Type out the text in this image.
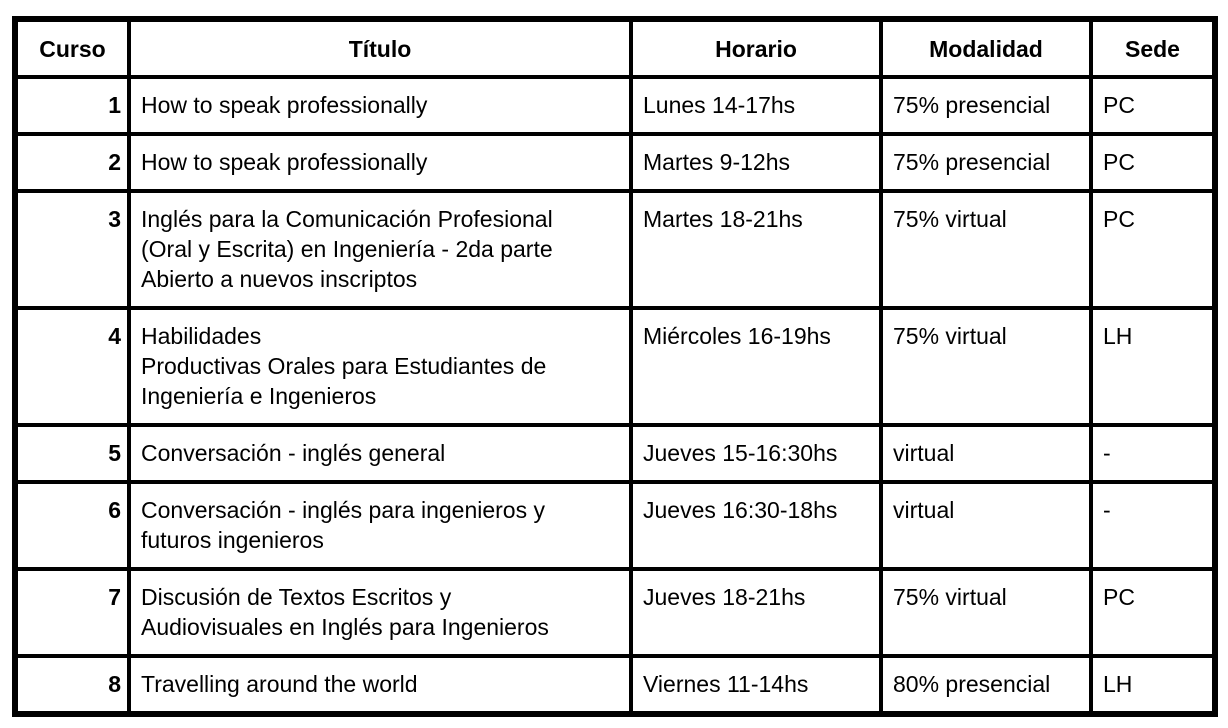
Curso	Título	Horario	Modalidad	Sede
1	How to speak professionally	Lunes 14-17hs	75% presencial	PC
2	How to speak professionally	Martes 9-12hs	75% presencial	PC
3	Inglés para la Comunicación Profesional
(Oral y Escrita) en Ingeniería - 2da parte
Abierto a nuevos inscriptos	Martes 18-21hs	75% virtual	PC
4	Habilidades
Productivas Orales para Estudiantes de
Ingeniería e Ingenieros	Miércoles 16-19hs	75% virtual	LH
5	Conversación - inglés general	Jueves 15-16:30hs	virtual	-
6	Conversación - inglés para ingenieros y
futuros ingenieros	Jueves 16:30-18hs	virtual	-
7	Discusión de Textos Escritos y
Audiovisuales en Inglés para Ingenieros	Jueves 18-21hs	75% virtual	PC
8	Travelling around the world	Viernes 11-14hs	80% presencial	LH
